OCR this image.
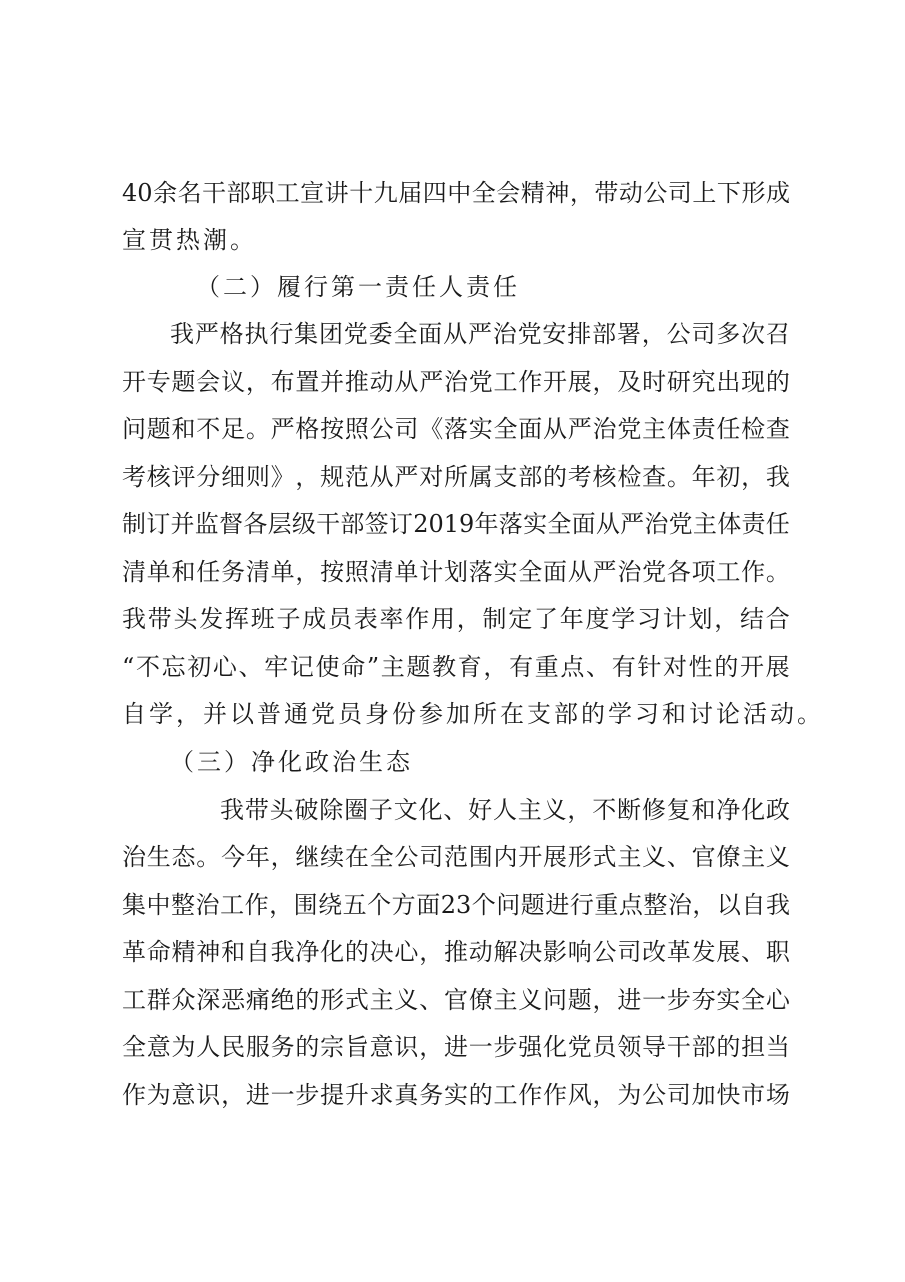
40 余 名 干 部 职 工 宣 讲 十 九 届 四 中 全 会 精 神 ， 带 动 公 司 上 下 形 成
宣贯热潮。
（二）履行第一责任人责任
我 严 格 执 行 集 团 党 委 全 面 从 严 治 党 安 排 部 署 ， 公 司 多 次 召
开 专 题 会 议 ， 布 置 并 推 动 从 严 治 党 工 作 开 展 ， 及 时 研 究 出 现 的
问 题 和 不 足 。 严 格 按 照 公 司 《 落 实 全 面 从 严 治 党 主 体 责 任 检 查
考 核 评 分 细 则 》 ， 规 范 从 严 对 所 属 支 部 的 考 核 检 查 。 年 初 ， 我
制 订 并 监 督 各 层 级 干 部 签 订 2019 年 落 实 全 面 从 严 治 党 主 体 责 任
清 单 和 任 务 清 单 ， 按 照 清 单 计 划 落 实 全 面 从 严 治 党 各 项 工 作 。
我 带 头 发 挥 班 子 成 员 表 率 作 用 ， 制 定 了 年 度 学 习 计 划 ， 结 合
“ 不 忘 初 心 、 牢 记 使 命 ” 主 题 教 育 ， 有 重 点 、 有 针 对 性 的 开 展
自学，并以普通党员身份参加所在支部的学习和讨论活动。
（三）净化政治生态
我 带 头 破 除 圈 子 文 化 、 好 人 主 义 ， 不 断 修 复 和 净 化 政
治 生 态 。 今 年 ， 继 续 在 全 公 司 范 围 内 开 展 形 式 主 义 、 官 僚 主 义
集 中 整 治 工 作 ， 围 绕 五 个 方 面 23 个 问 题 进 行 重 点 整 治 ， 以 自 我
革 命 精 神 和 自 我 净 化 的 决 心 ， 推 动 解 决 影 响 公 司 改 革 发 展 、 职
工 群 众 深 恶 痛 绝 的 形 式 主 义 、 官 僚 主 义 问 题 ， 进 一 步 夯 实 全 心
全 意 为 人 民 服 务 的 宗 旨 意 识 ， 进 一 步 强 化 党 员 领 导 干 部 的 担 当
作 为 意 识 ， 进 一 步 提 升 求 真 务 实 的 工 作 作 风 ， 为 公 司 加 快 市 场
